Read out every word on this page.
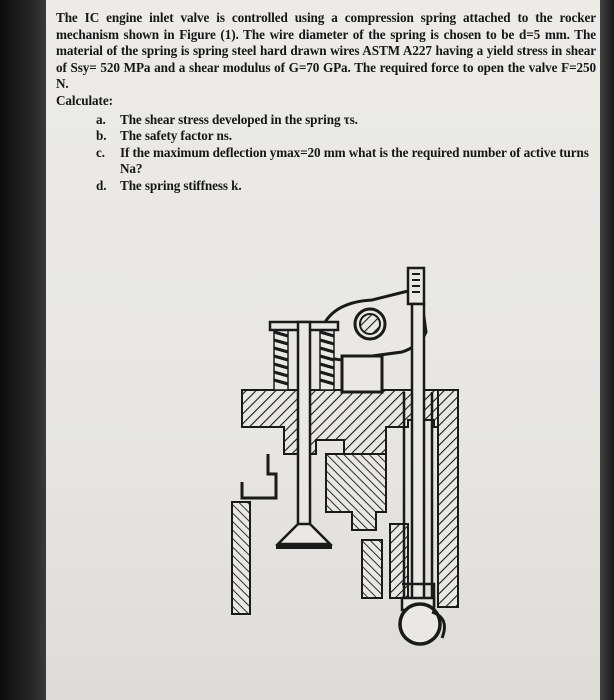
The IC engine inlet valve is controlled using a compression spring attached to the rocker mechanism shown in Figure (1). The wire diameter of the spring is chosen to be d=5 mm. The material of the spring is spring steel hard drawn wires ASTM A227 having a yield stress in shear of Ssy= 520 MPa and a shear modulus of G=70 GPa. The required force to open the valve F=250 N.

Calculate:

a.	The shear stress developed in the spring τs.
b.	The safety factor ns.
c.	If the maximum deflection ymax=20 mm what is the required number of active turns Na?
d.	The spring stiffness k.
